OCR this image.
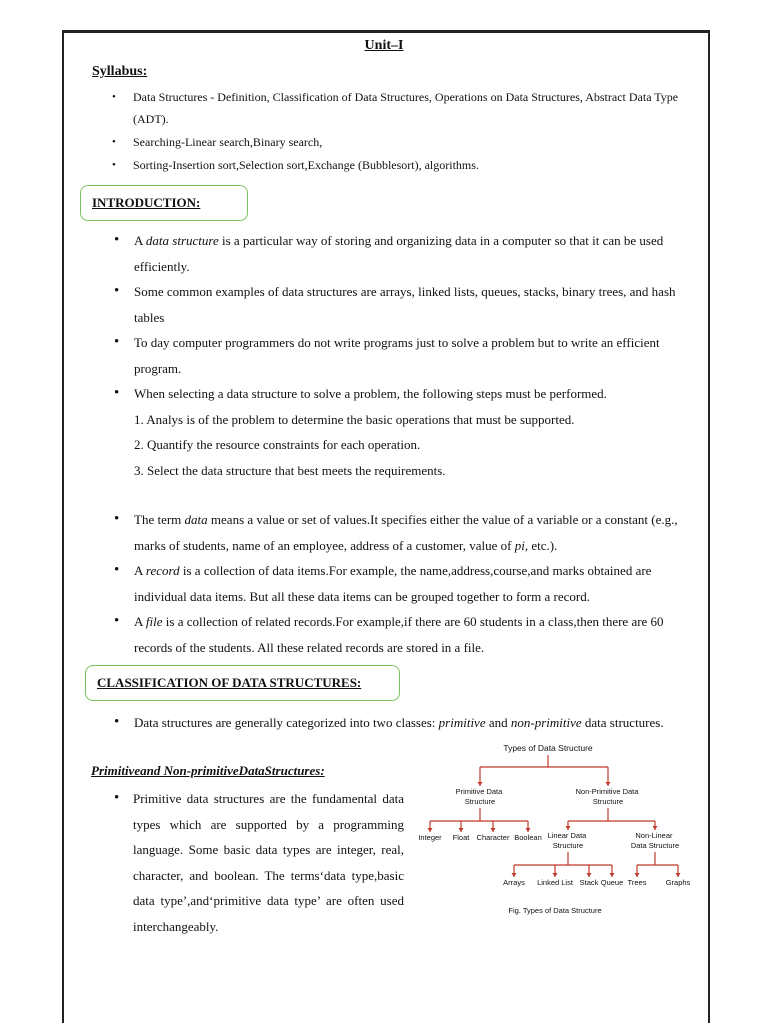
Unit–I
Syllabus:
• Data Structures - Definition, Classification of Data Structures, Operations on Data Structures, Abstract Data Type (ADT).
• Searching-Linear search,Binary search,
• Sorting-Insertion sort,Selection sort,Exchange (Bubblesort), algorithms.
INTRODUCTION:
• A data structure is a particular way of storing and organizing data in a computer so that it can be used efficiently.
• Some common examples of data structures are arrays, linked lists, queues, stacks, binary trees, and hash tables
• To day computer programmers do not write programs just to solve a problem but to write an efficient program.
• When selecting a data structure to solve a problem, the following steps must be performed.
1. Analys is of the problem to determine the basic operations that must be supported.
2. Quantify the resource constraints for each operation.
3. Select the data structure that best meets the requirements.
• The term data means a value or set of values.It specifies either the value of a variable or a constant (e.g., marks of students, name of an employee, address of a customer, value of pi, etc.).
• A record is a collection of data items.For example, the name,address,course,and marks obtained are individual data items. But all these data items can be grouped together to form a record.
• A file is a collection of related records.For example,if there are 60 students in a class,then there are 60 records of the students. All these related records are stored in a file.
CLASSIFICATION OF DATA STRUCTURES:
• Data structures are generally categorized into two classes: primitive and non-primitive data structures.
Primitiveand Non-primitiveDataStructures:
• Primitive data structures are the fundamental data types which are supported by a programming language. Some basic data types are integer, real, character, and boolean. The terms‘data type,basic data type’,and‘primitive data type’ are often used interchangeably.
Types of Data Structure
Primitive Data Structure
Non-Primitive Data Structure
Integer Float Character Boolean Linear Data Structure
Non-Linear Data Structure
Arrays Linked List Stack Queue Trees	Graphs
Fig. Types of Data Structure
